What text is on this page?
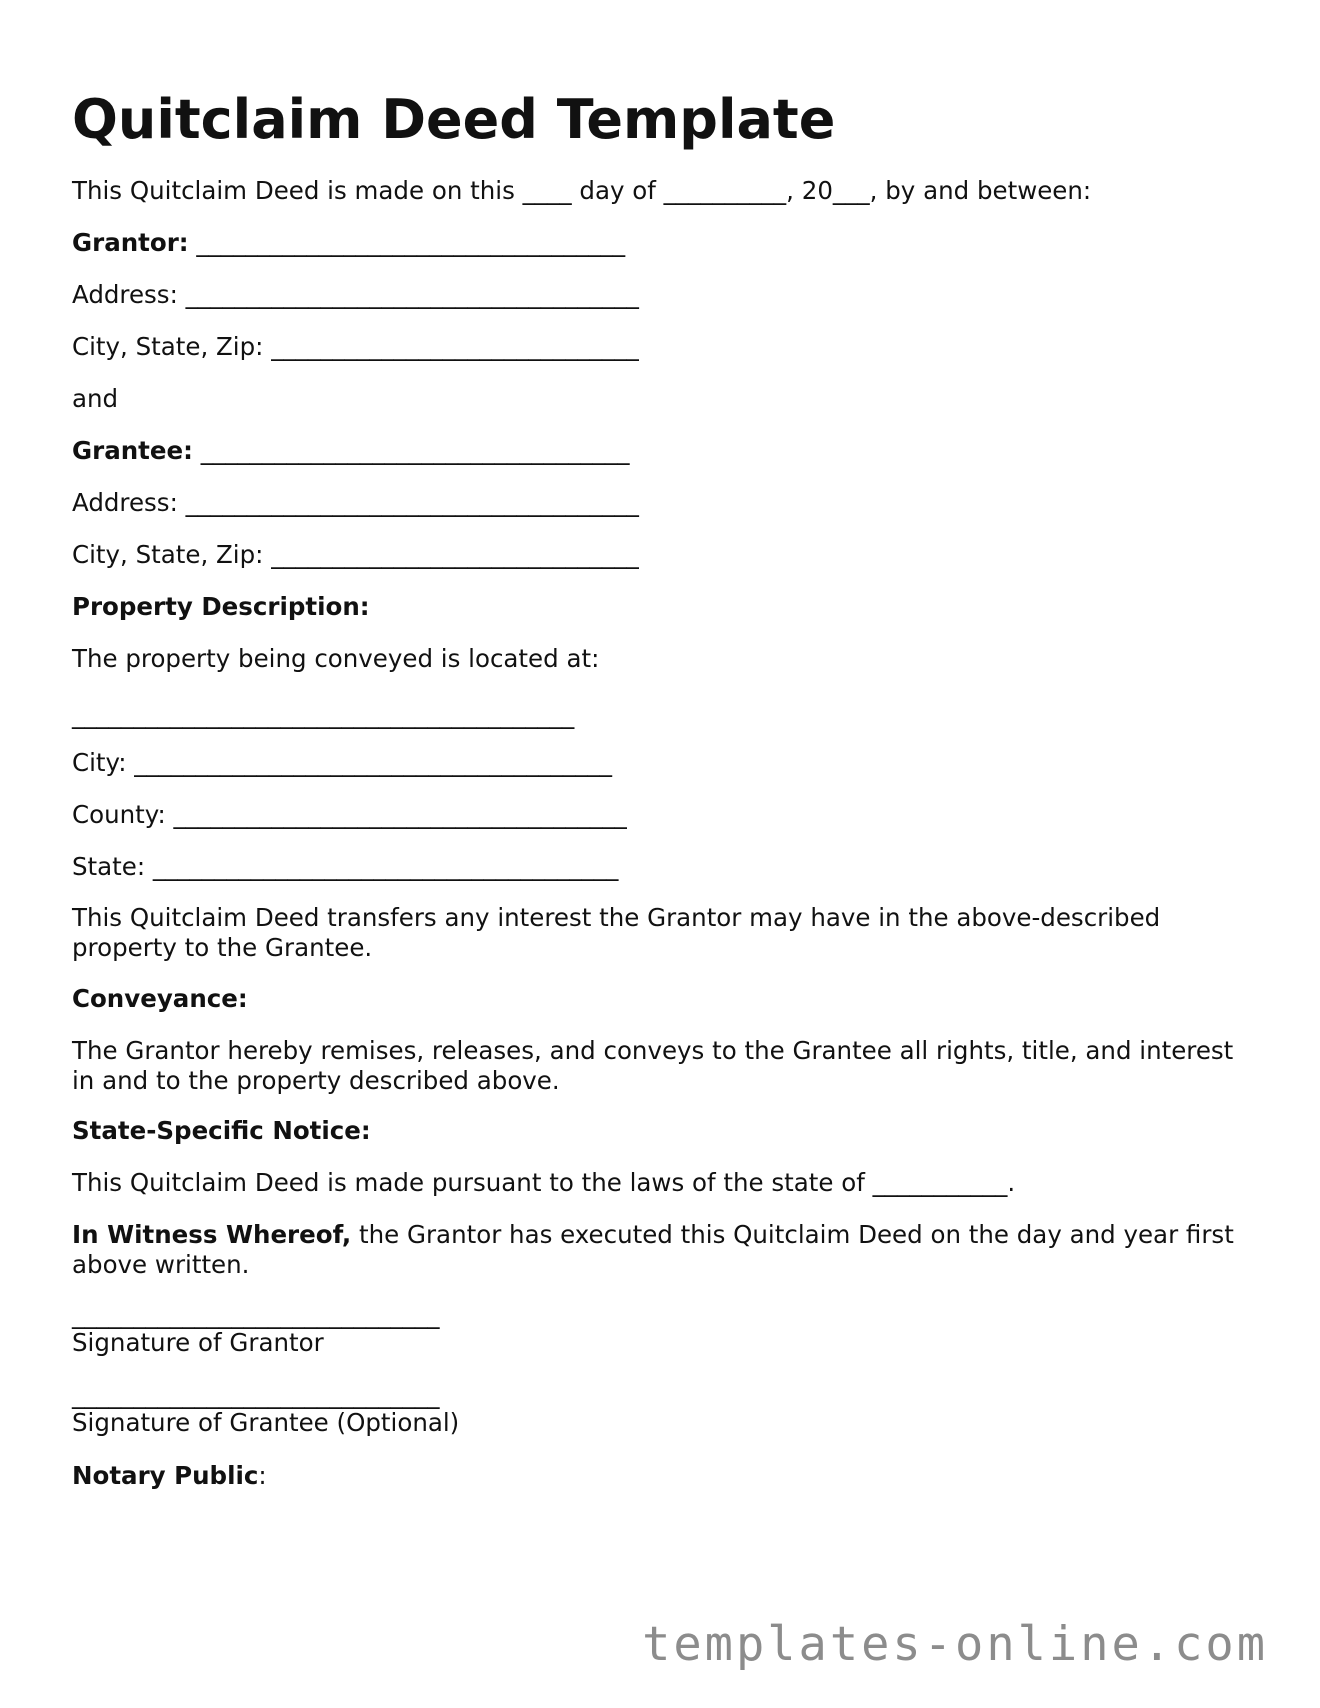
Quitclaim Deed Template

This Quitclaim Deed is made on this ____ day of __________, 20___, by and between:

Grantor: ___________________________________

Address: _____________________________________

City, State, Zip: ______________________________

and

Grantee: ___________________________________

Address: _____________________________________

City, State, Zip: ______________________________

Property Description:

The property being conveyed is located at:

_________________________________________

City: _______________________________________

County: _____________________________________

State: ______________________________________

This Quitclaim Deed transfers any interest the Grantor may have in the above-described property to the Grantee.

Conveyance:

The Grantor hereby remises, releases, and conveys to the Grantee all rights, title, and interest in and to the property described above.

State-Specific Notice:

This Quitclaim Deed is made pursuant to the laws of the state of ___________.

In Witness Whereof, the Grantor has executed this Quitclaim Deed on the day and year first above written.

______________________________

Signature of Grantor

______________________________

Signature of Grantee (Optional)

Notary Public:

templates-online.com
